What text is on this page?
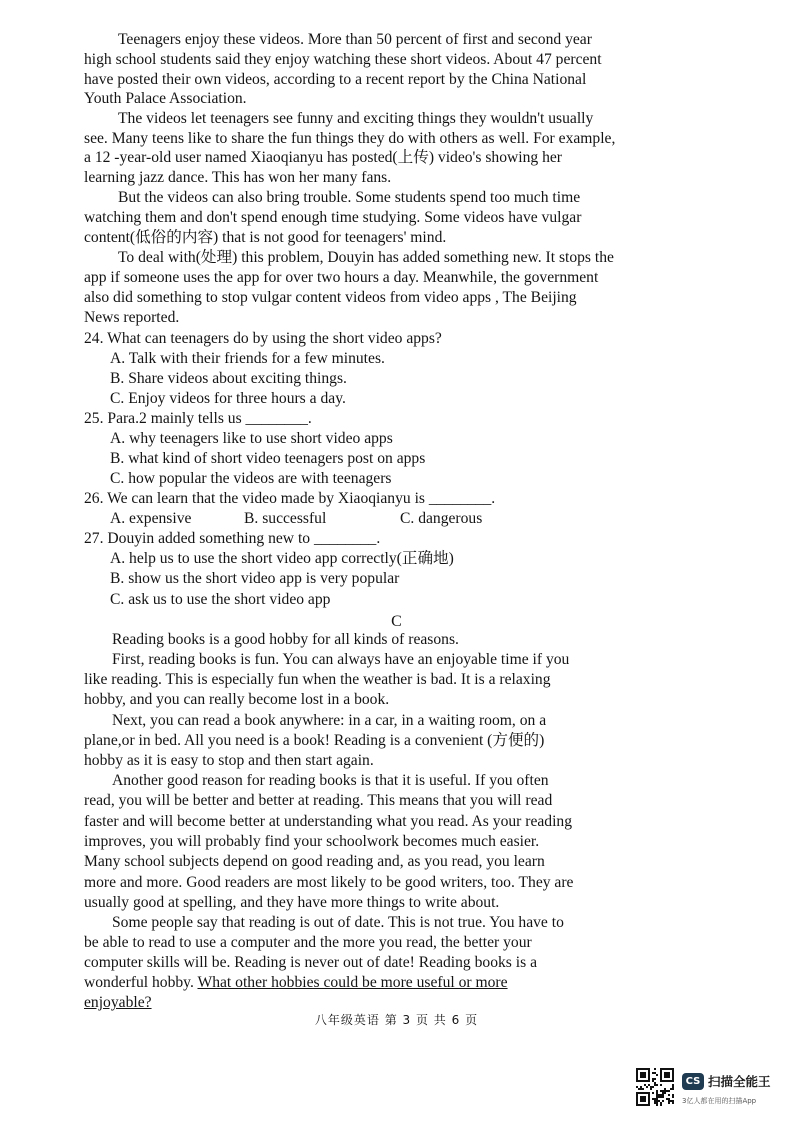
Teenagers enjoy these videos. More than 50 percent of first and second year
high school students said they enjoy watching these short videos. About 47 percent
have posted their own videos, according to a recent report by the China National
Youth Palace Association.
The videos let teenagers see funny and exciting things they wouldn't usually
see. Many teens like to share the fun things they do with others as well. For example,
a 12 -year-old user named Xiaoqianyu has posted(上传) video's showing her
learning jazz dance. This has won her many fans.
But the videos can also bring trouble. Some students spend too much time
watching them and don't spend enough time studying. Some videos have vulgar
content(低俗的内容) that is not good for teenagers' mind.
To deal with(处理) this problem, Douyin has added something new. It stops the
app if someone uses the app for over two hours a day. Meanwhile, the government
also did something to stop vulgar content videos from video apps , The Beijing
News reported.
24. What can teenagers do by using the short video apps?
A. Talk with their friends for a few minutes.
B. Share videos about exciting things.
C. Enjoy videos for three hours a day.
25. Para.2 mainly tells us ________.
A. why teenagers like to use short video apps
B. what kind of short video teenagers post on apps
C. how popular the videos are with teenagers
26. We can learn that the video made by Xiaoqianyu is ________.
A. expensive	B. successful	C. dangerous
27. Douyin added something new to ________.
A. help us to use the short video app correctly(正确地)
B. show us the short video app is very popular
C. ask us to use the short video app
C
Reading books is a good hobby for all kinds of reasons.
First, reading books is fun. You can always have an enjoyable time if you
like reading. This is especially fun when the weather is bad. It is a relaxing
hobby, and you can really become lost in a book.
Next, you can read a book anywhere: in a car, in a waiting room, on a
plane,or in bed. All you need is a book! Reading is a convenient (方便的)
hobby as it is easy to stop and then start again.
Another good reason for reading books is that it is useful. If you often
read, you will be better and better at reading. This means that you will read
faster and will become better at understanding what you read. As your reading
improves, you will probably find your schoolwork becomes much easier.
Many school subjects depend on good reading and, as you read, you learn
more and more. Good readers are most likely to be good writers, too. They are
usually good at spelling, and they have more things to write about.
Some people say that reading is out of date. This is not true. You have to
be able to read to use a computer and the more you read, the better your
computer skills will be. Reading is never out of date! Reading books is a
wonderful hobby. What other hobbies could be more useful or more
enjoyable?
八年级英语 第 3 页 共 6 页
CS 扫描全能王
3亿人都在用的扫描App
